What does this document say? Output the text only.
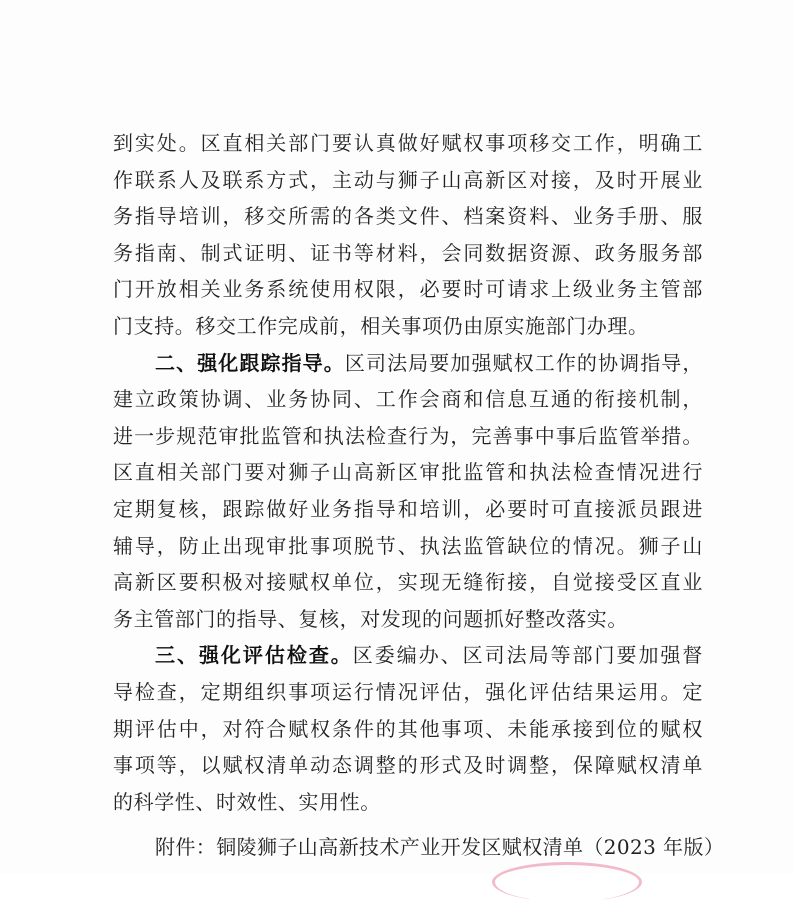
到实处。区直相关部门要认真做好赋权事项移交工作，明确工
作联系人及联系方式，主动与狮子山高新区对接，及时开展业
务指导培训，移交所需的各类文件、档案资料、业务手册、服
务指南、制式证明、证书等材料，会同数据资源、政务服务部
门开放相关业务系统使用权限，必要时可请求上级业务主管部
门支持。移交工作完成前，相关事项仍由原实施部门办理。
二、强化跟踪指导。区司法局要加强赋权工作的协调指导，
建立政策协调、业务协同、工作会商和信息互通的衔接机制，
进一步规范审批监管和执法检查行为，完善事中事后监管举措。
区直相关部门要对狮子山高新区审批监管和执法检查情况进行
定期复核，跟踪做好业务指导和培训，必要时可直接派员跟进
辅导，防止出现审批事项脱节、执法监管缺位的情况。狮子山
高新区要积极对接赋权单位，实现无缝衔接，自觉接受区直业
务主管部门的指导、复核，对发现的问题抓好整改落实。
三、强化评估检查。区委编办、区司法局等部门要加强督
导检查，定期组织事项运行情况评估，强化评估结果运用。定
期评估中，对符合赋权条件的其他事项、未能承接到位的赋权
事项等，以赋权清单动态调整的形式及时调整，保障赋权清单
的科学性、时效性、实用性。
附件：铜陵狮子山高新技术产业开发区赋权清单（2023 年版）
